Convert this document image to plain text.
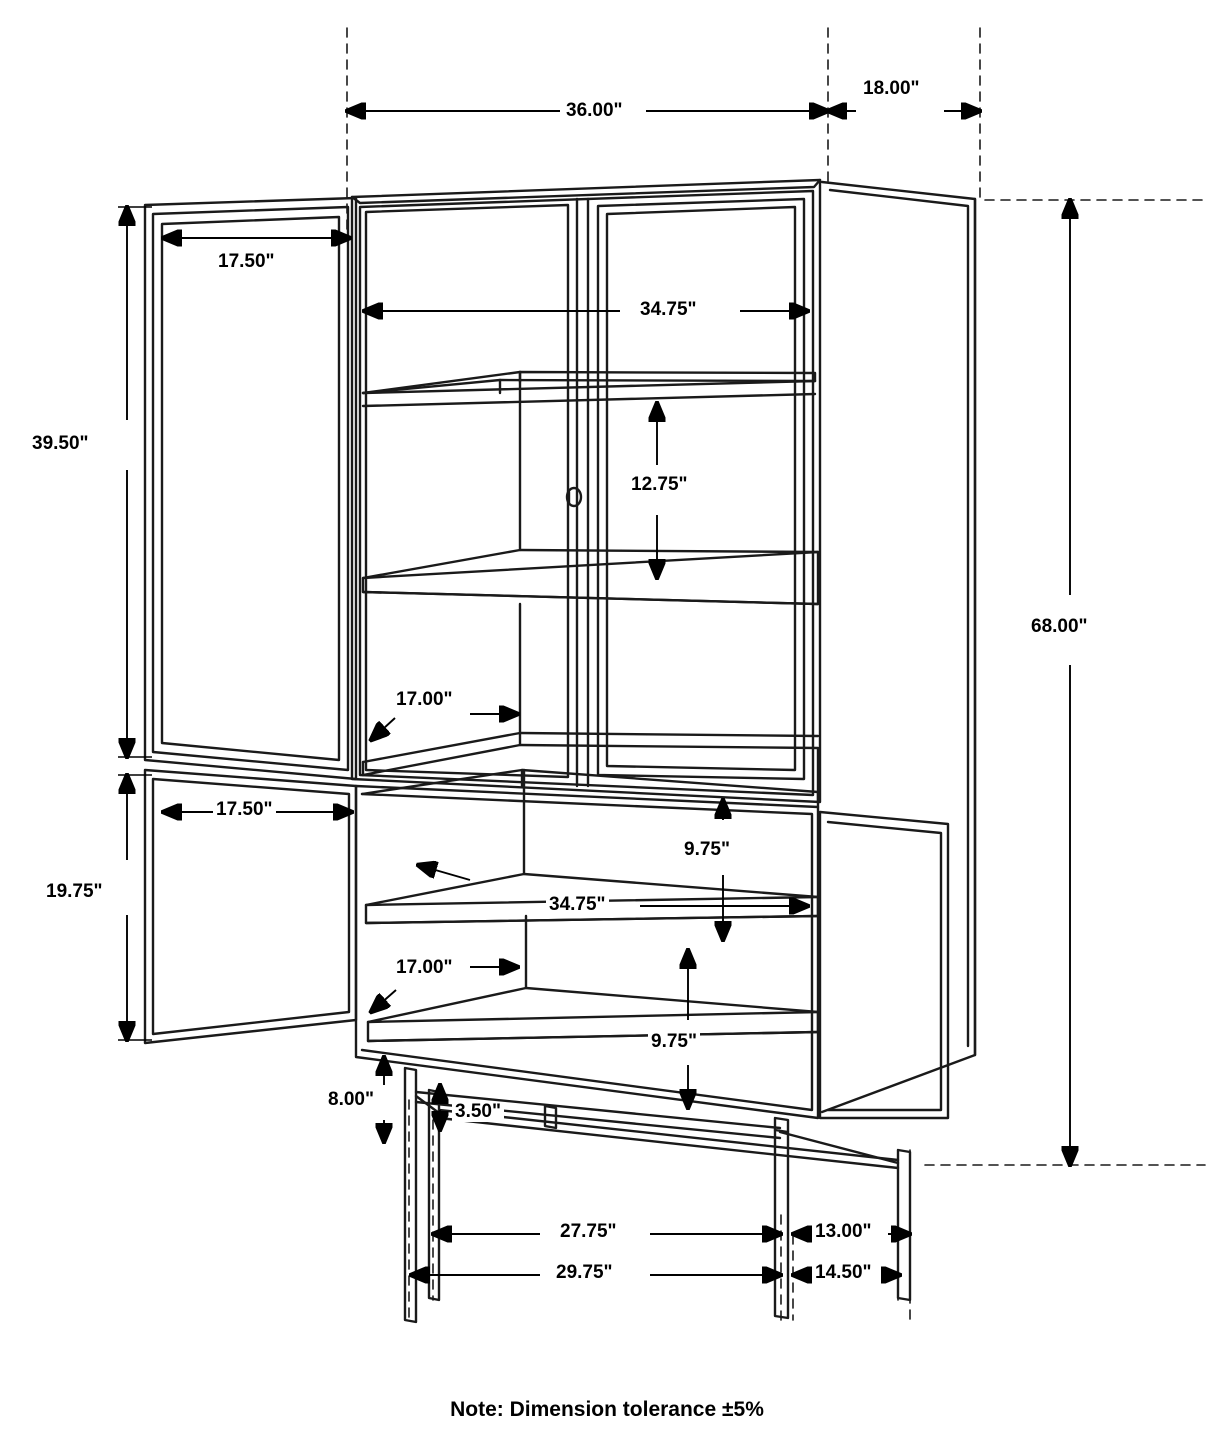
36.00"
18.00"
17.50"
39.50"
34.75"
12.75"
68.00"
17.00"
17.50"
19.75"
9.75"
34.75"
17.00"
9.75"
8.00"
3.50"
27.75"
29.75"
13.00"
14.50"
Note: Dimension tolerance ±5%
